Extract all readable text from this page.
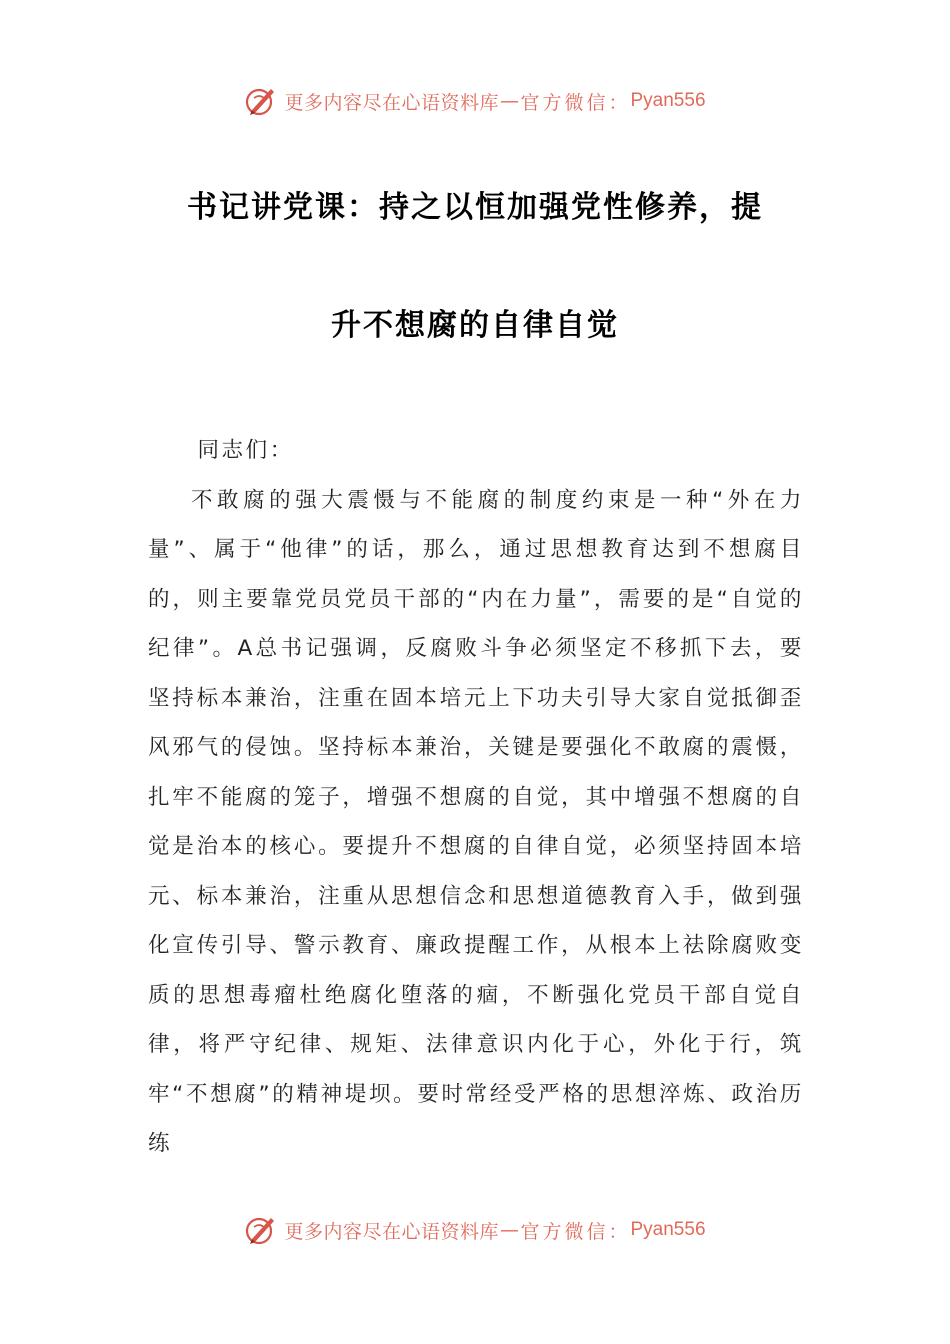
更多内容尽在心语资料库 — 官方微信： Pyan556
书记讲党课：持之以恒加强党性修养，提
升不想腐的自律自觉

同志们：

不敢腐的强大震慑与不能腐的制度约束是一种“外在力量”、属于“他律”的话，那么，通过思想教育达到不想腐目的，则主要靠党员党员干部的“内在力量”，需要的是“自觉的纪律”。A总书记强调，反腐败斗争必须坚定不移抓下去，要坚持标本兼治，注重在固本培元上下功夫引导大家自觉抵御歪风邪气的侵蚀。坚持标本兼治，关键是要强化不敢腐的震慑，扎牢不能腐的笼子，增强不想腐的自觉，其中增强不想腐的自觉是治本的核心。要提升不想腐的自律自觉，必须坚持固本培元、标本兼治，注重从思想信念和思想道德教育入手，做到强化宣传引导、警示教育、廉政提醒工作，从根本上祛除腐败变质的思想毒瘤杜绝腐化堕落的痼，不断强化党员干部自觉自律，将严守纪律、规矩、法律意识内化于心，外化于行，筑牢“不想腐”的精神堤坝。要时常经受严格的思想淬炼、政治历练

更多内容尽在心语资料库 — 官方微信： Pyan556
